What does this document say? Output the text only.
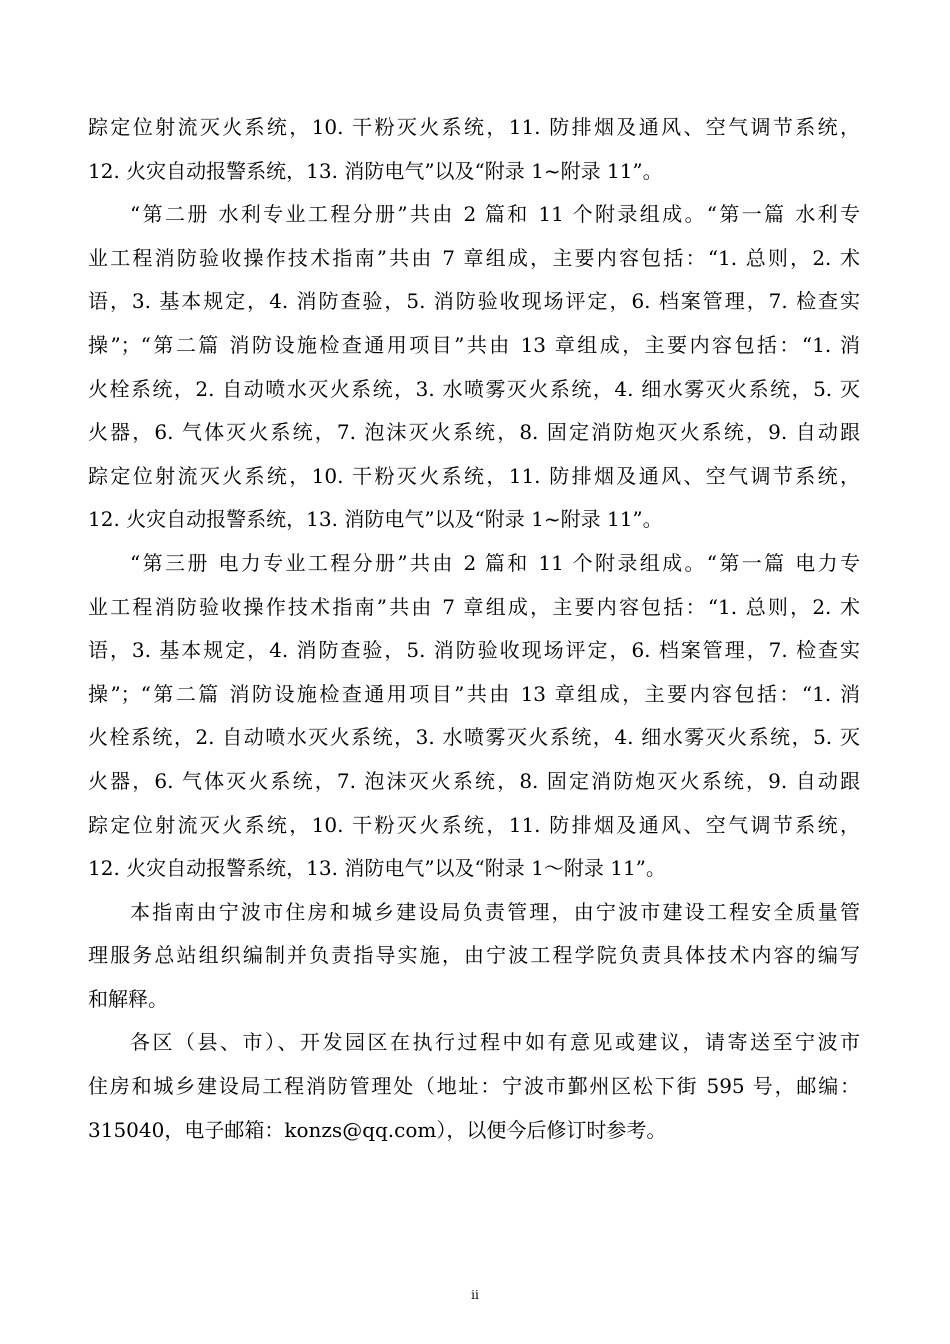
踪定位射流灭火系统，10. 干粉灭火系统，11. 防排烟及通风、空气调节系统，
12. 火灾自动报警系统，13. 消防电气”以及“附录 1~附录 11”。
“第二册 水利专业工程分册”共由 2 篇和 11 个附录组成。“第一篇 水利专
业工程消防验收操作技术指南”共由 7 章组成，主要内容包括：“1. 总则，2. 术
语，3. 基本规定，4. 消防查验，5. 消防验收现场评定，6. 档案管理，7. 检查实
操”；“第二篇 消防设施检查通用项目”共由 13 章组成，主要内容包括：“1. 消
火栓系统，2. 自动喷水灭火系统，3. 水喷雾灭火系统，4. 细水雾灭火系统，5. 灭
火器，6. 气体灭火系统，7. 泡沫灭火系统，8. 固定消防炮灭火系统，9. 自动跟
踪定位射流灭火系统，10. 干粉灭火系统，11. 防排烟及通风、空气调节系统，
12. 火灾自动报警系统，13. 消防电气”以及“附录 1~附录 11”。
“第三册 电力专业工程分册”共由 2 篇和 11 个附录组成。“第一篇 电力专
业工程消防验收操作技术指南”共由 7 章组成，主要内容包括：“1. 总则，2. 术
语，3. 基本规定，4. 消防查验，5. 消防验收现场评定，6. 档案管理，7. 检查实
操”；“第二篇 消防设施检查通用项目”共由 13 章组成，主要内容包括：“1. 消
火栓系统，2. 自动喷水灭火系统，3. 水喷雾灭火系统，4. 细水雾灭火系统，5. 灭
火器，6. 气体灭火系统，7. 泡沫灭火系统，8. 固定消防炮灭火系统，9. 自动跟
踪定位射流灭火系统，10. 干粉灭火系统，11. 防排烟及通风、空气调节系统，
12. 火灾自动报警系统，13. 消防电气”以及“附录 1～附录 11”。
本指南由宁波市住房和城乡建设局负责管理，由宁波市建设工程安全质量管
理服务总站组织编制并负责指导实施，由宁波工程学院负责具体技术内容的编写
和解释。
各区（县、市）、开发园区在执行过程中如有意见或建议，请寄送至宁波市
住房和城乡建设局工程消防管理处（地址：宁波市鄞州区松下街 595 号，邮编：
315040，电子邮箱：konzs@qq.com），以便今后修订时参考。
ii
